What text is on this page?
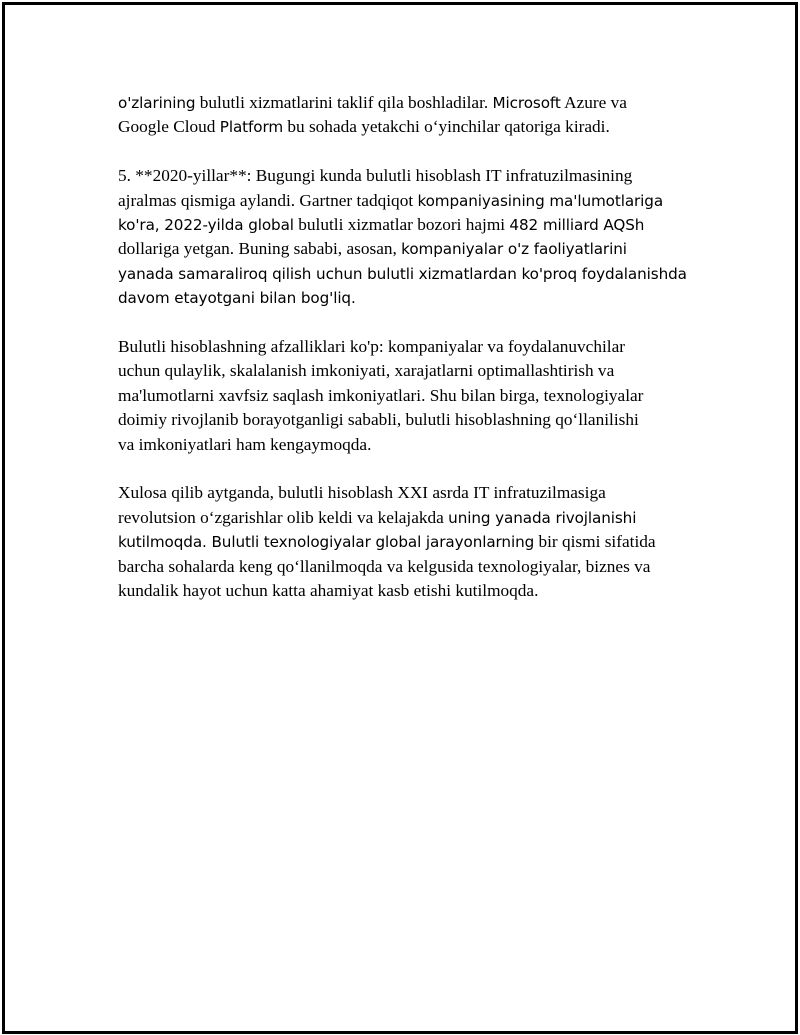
o'zlarining bulutli xizmatlarini taklif qila boshladilar. Microsoft Azure va
Google Cloud Platform bu sohada yetakchi o‘yinchilar qatoriga kiradi.
5. **2020-yillar**: Bugungi kunda bulutli hisoblash IT infratuzilmasining
ajralmas qismiga aylandi. Gartner tadqiqot kompaniyasining ma'lumotlariga
ko'ra, 2022-yilda global bulutli xizmatlar bozori hajmi 482 milliard AQSh
dollariga yetgan. Buning sababi, asosan, kompaniyalar o'z faoliyatlarini
yanada samaraliroq qilish uchun bulutli xizmatlardan ko'proq foydalanishda
davom etayotgani bilan bog'liq.
Bulutli hisoblashning afzalliklari ko'p: kompaniyalar va foydalanuvchilar
uchun qulaylik, skalalanish imkoniyati, xarajatlarni optimallashtirish va
ma'lumotlarni xavfsiz saqlash imkoniyatlari. Shu bilan birga, texnologiyalar
doimiy rivojlanib borayotganligi sababli, bulutli hisoblashning qo‘llanilishi
va imkoniyatlari ham kengaymoqda.
Xulosa qilib aytganda, bulutli hisoblash XXI asrda IT infratuzilmasiga
revolutsion o‘zgarishlar olib keldi va kelajakda uning yanada rivojlanishi
kutilmoqda. Bulutli texnologiyalar global jarayonlarning bir qismi sifatida
barcha sohalarda keng qo‘llanilmoqda va kelgusida texnologiyalar, biznes va
kundalik hayot uchun katta ahamiyat kasb etishi kutilmoqda.
